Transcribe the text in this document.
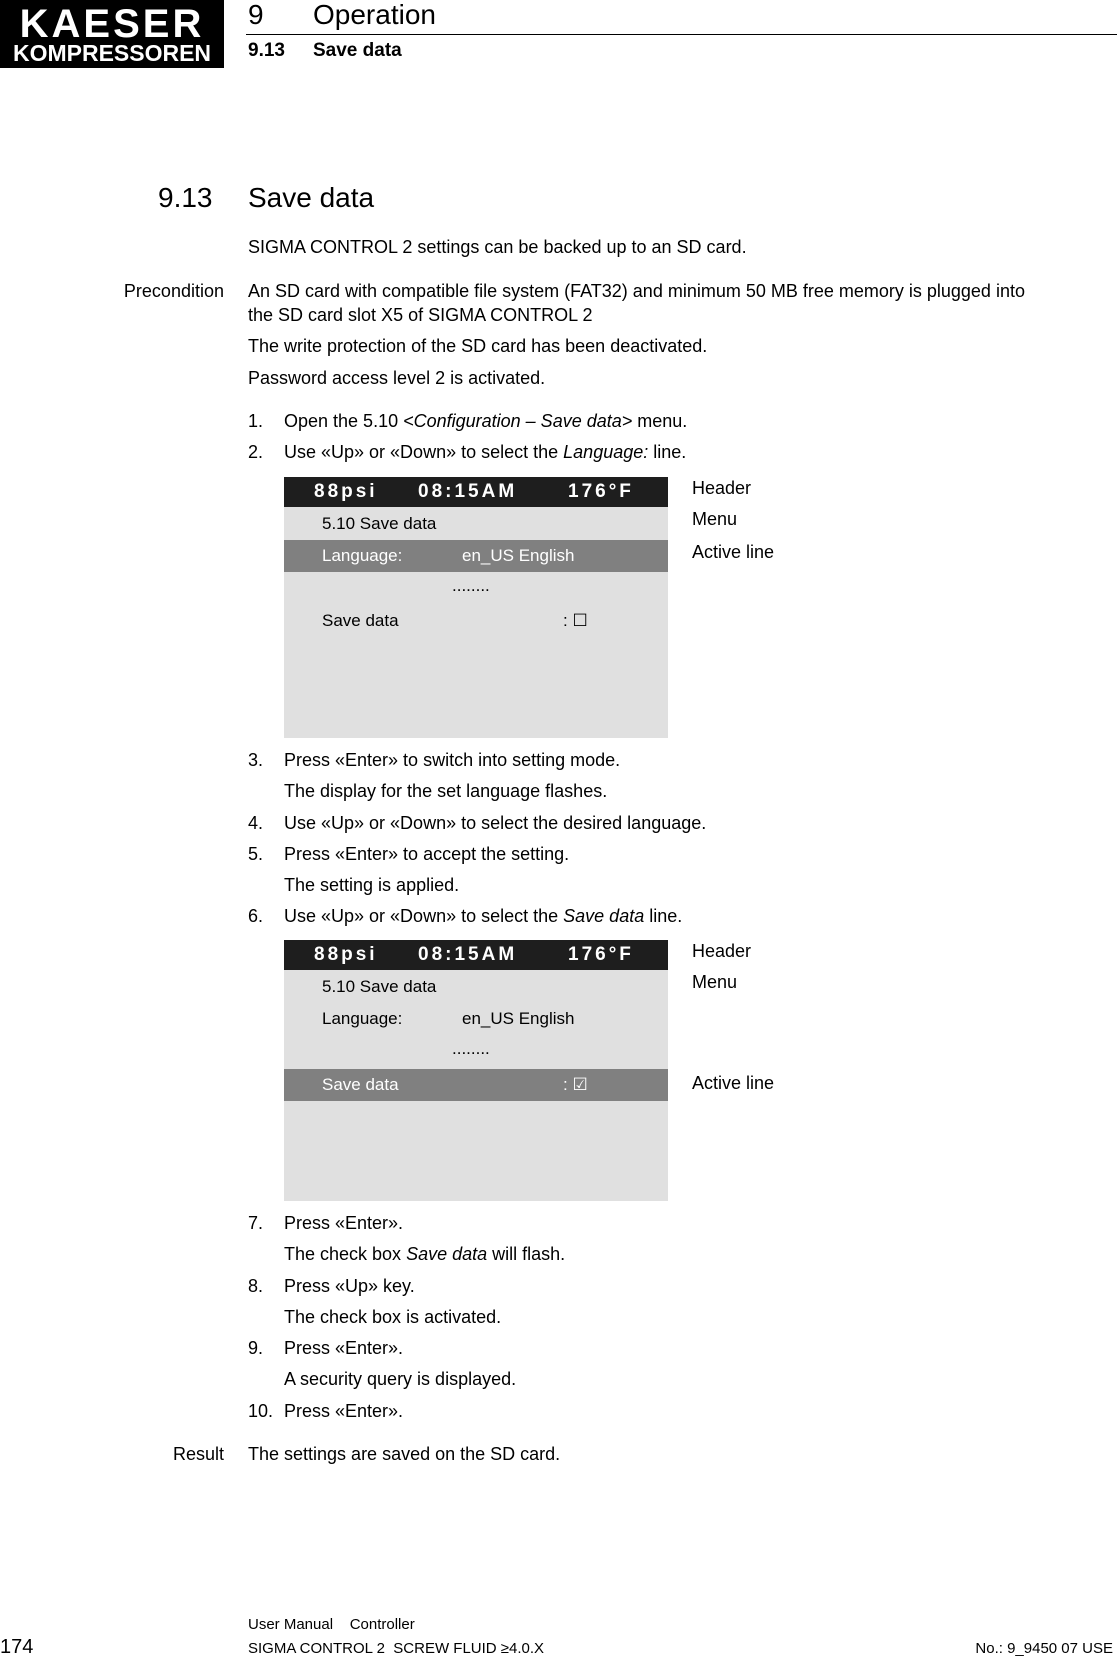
KAESER
KOMPRESSOREN
9 Operation
9.13 Save data
9.13 Save data
SIGMA CONTROL 2 settings can be backed up to an SD card.
Precondition An SD card with compatible file system (FAT32) and minimum 50 MB free memory is plugged into
the SD card slot X5 of SIGMA CONTROL 2
The write protection of the SD card has been deactivated.
Password access level 2 is activated.
1. Open the 5.10 <Configuration – Save data> menu.
2. Use «Up» or «Down» to select the Language: line.
88psi 08:15AM	176°F
5.10 Save data
Language:	en_US English
........
Save data	: ☐
Header
Menu
Active line
3. Press «Enter» to switch into setting mode.
The display for the set language flashes.
4. Use «Up» or «Down» to select the desired language.
5. Press «Enter» to accept the setting.
The setting is applied.
6. Use «Up» or «Down» to select the Save data line.
88psi 08:15AM	176°F
5.10 Save data
Language:	en_US English
........
Save data	: ☑
Header
Menu
Active line
7. Press «Enter».
The check box Save data will flash.
8. Press «Up» key.
The check box is activated.
9. Press «Enter».
A security query is displayed.
10. Press «Enter».
Result The settings are saved on the SD card.
174
User Manual    Controller
SIGMA CONTROL 2  SCREW FLUID ≥4.0.X	No.: 9_9450 07 USE
